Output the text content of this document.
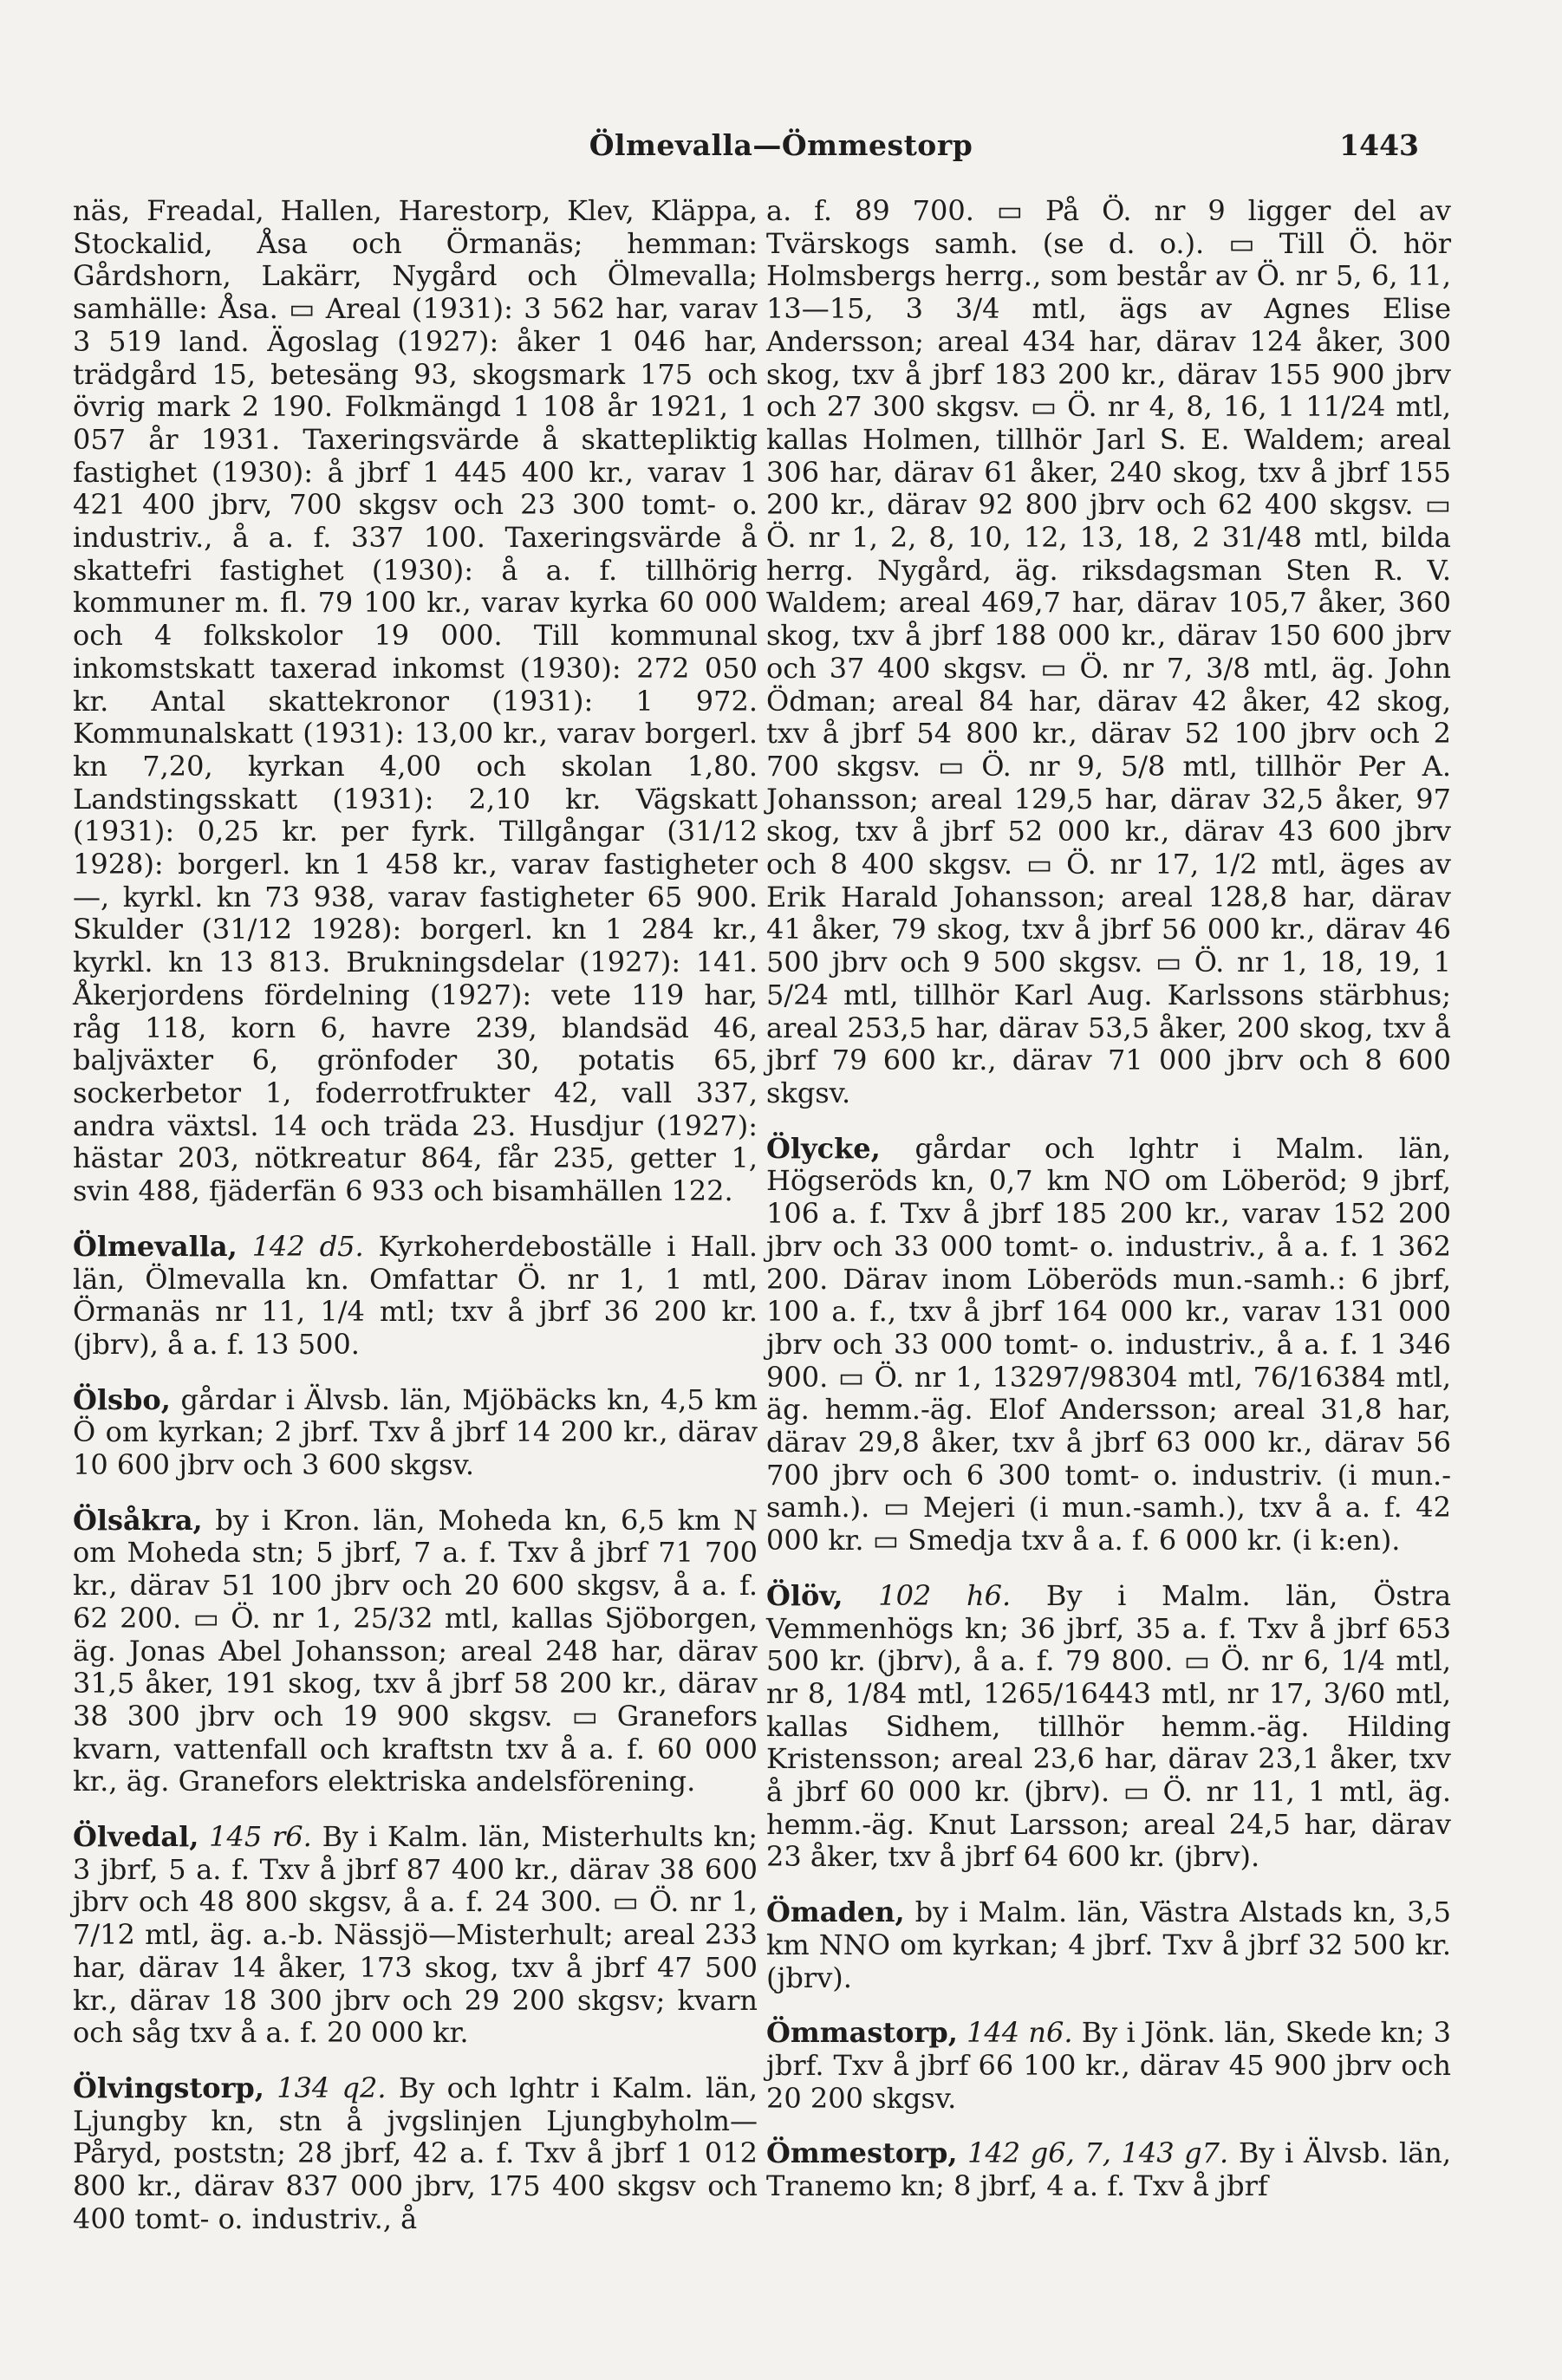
Ölmevalla—Ömmestorp	1443

näs, Freadal, Hallen, Harestorp, Klev, Kläppa, Stockalid, Åsa och Örmanäs; hemman: Gårdshorn, Lakärr, Nygård och Ölmevalla; samhälle: Åsa. ▭ Areal (1931): 3 562 har, varav 3 519 land. Ägoslag (1927): åker 1 046 har, trädgård 15, betesäng 93, skogsmark 175 och övrig mark 2 190. Folkmängd 1 108 år 1921, 1 057 år 1931. Taxeringsvärde å skattepliktig fastighet (1930): å jbrf 1 445 400 kr., varav 1 421 400 jbrv, 700 skgsv och 23 300 tomt- o. industriv., å a. f. 337 100. Taxeringsvärde å skattefri fastighet (1930): å a. f. tillhörig kommuner m. fl. 79 100 kr., varav kyrka 60 000 och 4 folkskolor 19 000. Till kommunal inkomstskatt taxerad inkomst (1930): 272 050 kr. Antal skattekronor (1931): 1 972. Kommunalskatt (1931): 13,00 kr., varav borgerl. kn 7,20, kyrkan 4,00 och skolan 1,80. Landstingsskatt (1931): 2,10 kr. Vägskatt (1931): 0,25 kr. per fyrk. Tillgångar (31/12 1928): borgerl. kn 1 458 kr., varav fastigheter —, kyrkl. kn 73 938, varav fastigheter 65 900. Skulder (31/12 1928): borgerl. kn 1 284 kr., kyrkl. kn 13 813. Brukningsdelar (1927): 141. Åkerjordens fördelning (1927): vete 119 har, råg 118, korn 6, havre 239, blandsäd 46, baljväxter 6, grönfoder 30, potatis 65, sockerbetor 1, foderrotfrukter 42, vall 337, andra växtsl. 14 och träda 23. Husdjur (1927): hästar 203, nötkreatur 864, får 235, getter 1, svin 488, fjäderfän 6 933 och bisamhällen 122.

Ölmevalla, 142 d5. Kyrkoherdeboställe i Hall. län, Ölmevalla kn. Omfattar Ö. nr 1, 1 mtl, Örmanäs nr 11, 1/4 mtl; txv å jbrf 36 200 kr. (jbrv), å a. f. 13 500.

Ölsbo, gårdar i Älvsb. län, Mjöbäcks kn, 4,5 km Ö om kyrkan; 2 jbrf. Txv å jbrf 14 200 kr., därav 10 600 jbrv och 3 600 skgsv.

Ölsåkra, by i Kron. län, Moheda kn, 6,5 km N om Moheda stn; 5 jbrf, 7 a. f. Txv å jbrf 71 700 kr., därav 51 100 jbrv och 20 600 skgsv, å a. f. 62 200. ▭ Ö. nr 1, 25/32 mtl, kallas Sjöborgen, äg. Jonas Abel Johansson; areal 248 har, därav 31,5 åker, 191 skog, txv å jbrf 58 200 kr., därav 38 300 jbrv och 19 900 skgsv. ▭ Granefors kvarn, vattenfall och kraftstn txv å a. f. 60 000 kr., äg. Granefors elektriska andelsförening.

Ölvedal, 145 r6. By i Kalm. län, Misterhults kn; 3 jbrf, 5 a. f. Txv å jbrf 87 400 kr., därav 38 600 jbrv och 48 800 skgsv, å a. f. 24 300. ▭ Ö. nr 1, 7/12 mtl, äg. a.-b. Nässjö—Misterhult; areal 233 har, därav 14 åker, 173 skog, txv å jbrf 47 500 kr., därav 18 300 jbrv och 29 200 skgsv; kvarn och såg txv å a. f. 20 000 kr.

Ölvingstorp, 134 q2. By och lghtr i Kalm. län, Ljungby kn, stn å jvgslinjen Ljungbyholm—Påryd, poststn; 28 jbrf, 42 a. f. Txv å jbrf 1 012 800 kr., därav 837 000 jbrv, 175 400 skgsv och 400 tomt- o. industriv., å

a. f. 89 700. ▭ På Ö. nr 9 ligger del av Tvärskogs samh. (se d. o.). ▭ Till Ö. hör Holmsbergs herrg., som består av Ö. nr 5, 6, 11, 13—15, 3 3/4 mtl, ägs av Agnes Elise Andersson; areal 434 har, därav 124 åker, 300 skog, txv å jbrf 183 200 kr., därav 155 900 jbrv och 27 300 skgsv. ▭ Ö. nr 4, 8, 16, 1 11/24 mtl, kallas Holmen, tillhör Jarl S. E. Waldem; areal 306 har, därav 61 åker, 240 skog, txv å jbrf 155 200 kr., därav 92 800 jbrv och 62 400 skgsv. ▭ Ö. nr 1, 2, 8, 10, 12, 13, 18, 2 31/48 mtl, bilda herrg. Nygård, äg. riksdagsman Sten R. V. Waldem; areal 469,7 har, därav 105,7 åker, 360 skog, txv å jbrf 188 000 kr., därav 150 600 jbrv och 37 400 skgsv. ▭ Ö. nr 7, 3/8 mtl, äg. John Ödman; areal 84 har, därav 42 åker, 42 skog, txv å jbrf 54 800 kr., därav 52 100 jbrv och 2 700 skgsv. ▭ Ö. nr 9, 5/8 mtl, tillhör Per A. Johansson; areal 129,5 har, därav 32,5 åker, 97 skog, txv å jbrf 52 000 kr., därav 43 600 jbrv och 8 400 skgsv. ▭ Ö. nr 17, 1/2 mtl, äges av Erik Harald Johansson; areal 128,8 har, därav 41 åker, 79 skog, txv å jbrf 56 000 kr., därav 46 500 jbrv och 9 500 skgsv. ▭ Ö. nr 1, 18, 19, 1 5/24 mtl, tillhör Karl Aug. Karlssons stärbhus; areal 253,5 har, därav 53,5 åker, 200 skog, txv å jbrf 79 600 kr., därav 71 000 jbrv och 8 600 skgsv.

Ölycke, gårdar och lghtr i Malm. län, Högseröds kn, 0,7 km NO om Löberöd; 9 jbrf, 106 a. f. Txv å jbrf 185 200 kr., varav 152 200 jbrv och 33 000 tomt- o. industriv., å a. f. 1 362 200. Därav inom Löberöds mun.-samh.: 6 jbrf, 100 a. f., txv å jbrf 164 000 kr., varav 131 000 jbrv och 33 000 tomt- o. industriv., å a. f. 1 346 900. ▭ Ö. nr 1, 13297/98304 mtl, 76/16384 mtl, äg. hemm.-äg. Elof Andersson; areal 31,8 har, därav 29,8 åker, txv å jbrf 63 000 kr., därav 56 700 jbrv och 6 300 tomt- o. industriv. (i mun.-samh.). ▭ Mejeri (i mun.-samh.), txv å a. f. 42 000 kr. ▭ Smedja txv å a. f. 6 000 kr. (i k:en).

Ölöv, 102 h6. By i Malm. län, Östra Vemmenhögs kn; 36 jbrf, 35 a. f. Txv å jbrf 653 500 kr. (jbrv), å a. f. 79 800. ▭ Ö. nr 6, 1/4 mtl, nr 8, 1/84 mtl, 1265/16443 mtl, nr 17, 3/60 mtl, kallas Sidhem, tillhör hemm.-äg. Hilding Kristensson; areal 23,6 har, därav 23,1 åker, txv å jbrf 60 000 kr. (jbrv). ▭ Ö. nr 11, 1 mtl, äg. hemm.-äg. Knut Larsson; areal 24,5 har, därav 23 åker, txv å jbrf 64 600 kr. (jbrv).

Ömaden, by i Malm. län, Västra Alstads kn, 3,5 km NNO om kyrkan; 4 jbrf. Txv å jbrf 32 500 kr. (jbrv).

Ömmastorp, 144 n6. By i Jönk. län, Skede kn; 3 jbrf. Txv å jbrf 66 100 kr., därav 45 900 jbrv och 20 200 skgsv.

Ömmestorp, 142 g6, 7, 143 g7. By i Älvsb. län, Tranemo kn; 8 jbrf, 4 a. f. Txv å jbrf
